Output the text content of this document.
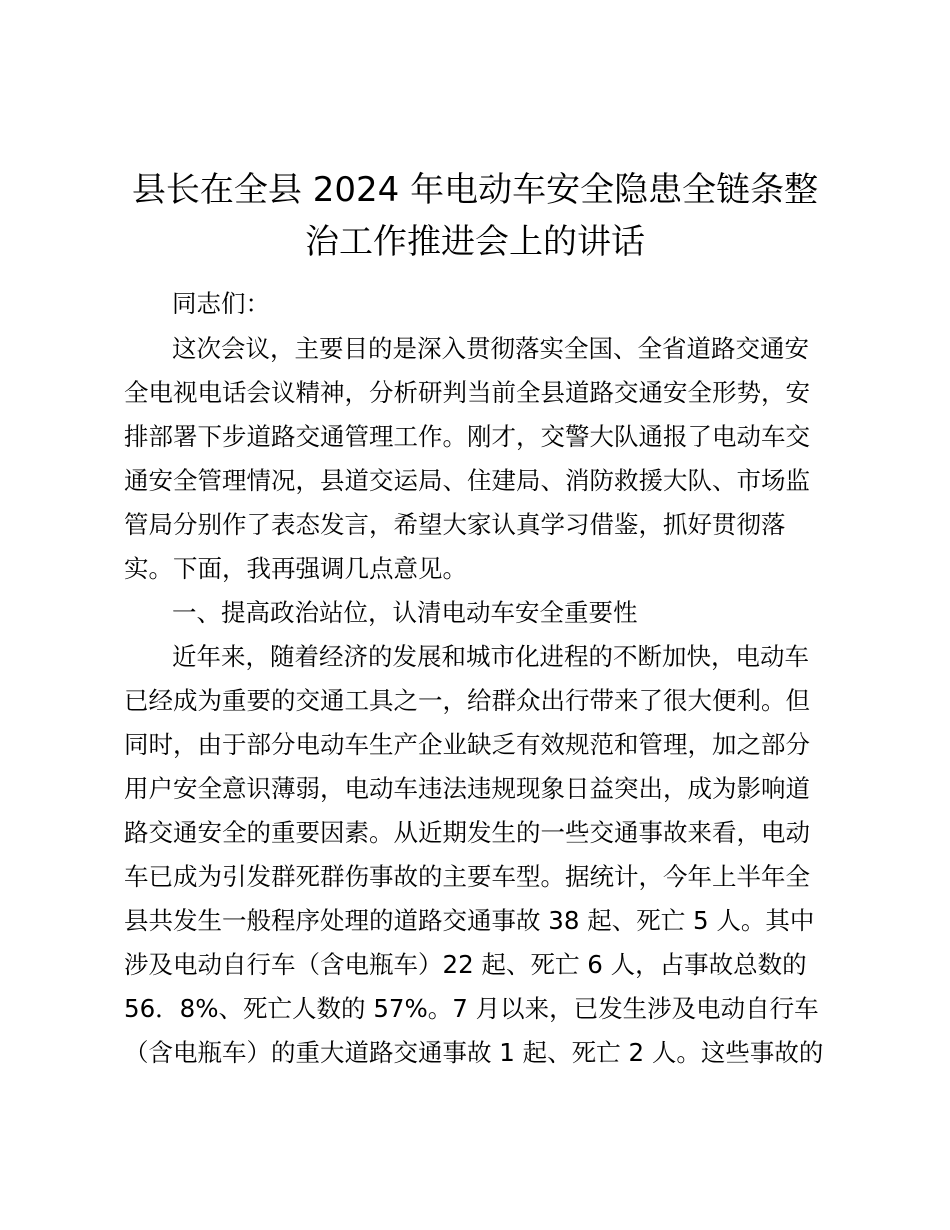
县长在全县 2024 年电动车安全隐患全链条整
治工作推进会上的讲话
同志们：
这次会议，主要目的是深入贯彻落实全国、全省道路交通安
全电视电话会议精神，分析研判当前全县道路交通安全形势，安
排部署下步道路交通管理工作。刚才，交警大队通报了电动车交
通安全管理情况，县道交运局、住建局、消防救援大队、市场监
管局分别作了表态发言，希望大家认真学习借鉴，抓好贯彻落
实。下面，我再强调几点意见。
一、提高政治站位，认清电动车安全重要性
近年来，随着经济的发展和城市化进程的不断加快，电动车
已经成为重要的交通工具之一，给群众出行带来了很大便利。但
同时，由于部分电动车生产企业缺乏有效规范和管理，加之部分
用户安全意识薄弱，电动车违法违规现象日益突出，成为影响道
路交通安全的重要因素。从近期发生的一些交通事故来看，电动
车已成为引发群死群伤事故的主要车型。据统计，今年上半年全
县共发生一般程序处理的道路交通事故 38 起、死亡 5 人。其中
涉及电动自行车（含电瓶车）22 起、死亡 6 人，占事故总数的
56．8%、死亡人数的 57%。7 月以来，已发生涉及电动自行车
（含电瓶车）的重大道路交通事故 1 起、死亡 2 人。这些事故的
